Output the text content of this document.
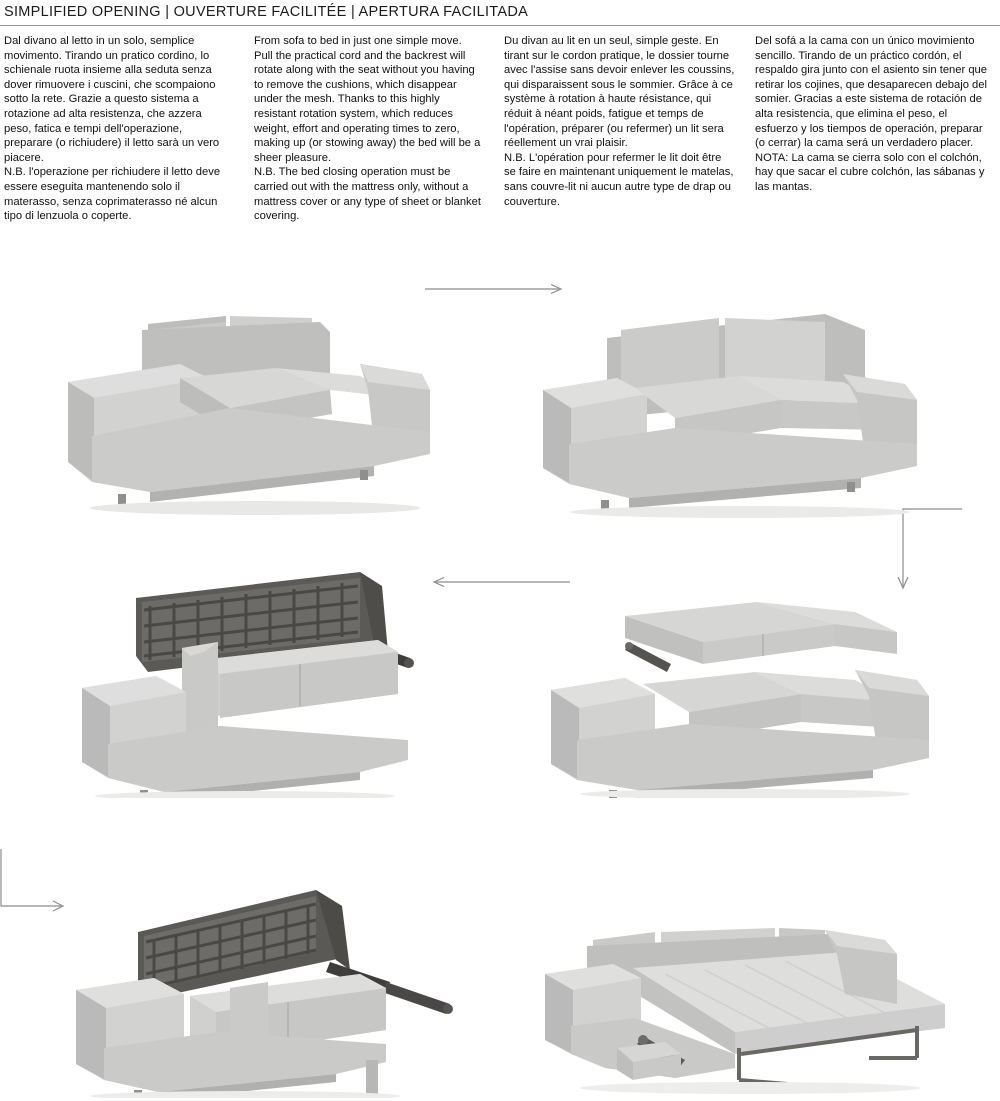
SIMPLIFIED OPENING | OUVERTURE FACILITÉE | APERTURA FACILITADA

Dal divano al letto in un solo, semplice movimento. Tirando un pratico cordino, lo schienale ruota insieme alla seduta senza dover rimuovere i cuscini, che scompaiono sotto la rete. Grazie a questo sistema a rotazione ad alta resistenza, che azzera peso, fatica e tempi dell'operazione, preparare (o richiudere) il letto sarà un vero piacere.

N.B. l'operazione per richiudere il letto deve essere eseguita mantenendo solo il materasso, senza coprimaterasso né alcun tipo di lenzuola o coperte.

From sofa to bed in just one simple move. Pull the practical cord and the backrest will rotate along with the seat without you having to remove the cushions, which disappear under the mesh. Thanks to this highly resistant rotation system, which reduces weight, effort and operating times to zero, making up (or stowing away) the bed will be a sheer pleasure.

N.B. The bed closing operation must be carried out with the mattress only, without a mattress cover or any type of sheet or blanket covering.

Du divan au lit en un seul, simple geste. En tirant sur le cordon pratique, le dossier tourne avec l'assise sans devoir enlever les coussins, qui disparaissent sous le sommier. Grâce à ce système à rotation à haute résistance, qui réduit à néant poids, fatigue et temps de l'opération, préparer (ou refermer) un lit sera réellement un vrai plaisir.

N.B. L'opération pour refermer le lit doit être se faire en maintenant uniquement le matelas, sans couvre-lit ni aucun autre type de drap ou couverture.

Del sofá a la cama con un único movimiento sencillo. Tirando de un práctico cordón, el respaldo gira junto con el asiento sin tener que retirar los cojines, que desaparecen debajo del somier. Gracias a este sistema de rotación de alta resistencia, que elimina el peso, el esfuerzo y los tiempos de operación, preparar (o cerrar) la cama será un verdadero placer.

NOTA: La cama se cierra solo con el colchón, hay que sacar el cubre colchón, las sábanas y las mantas.
